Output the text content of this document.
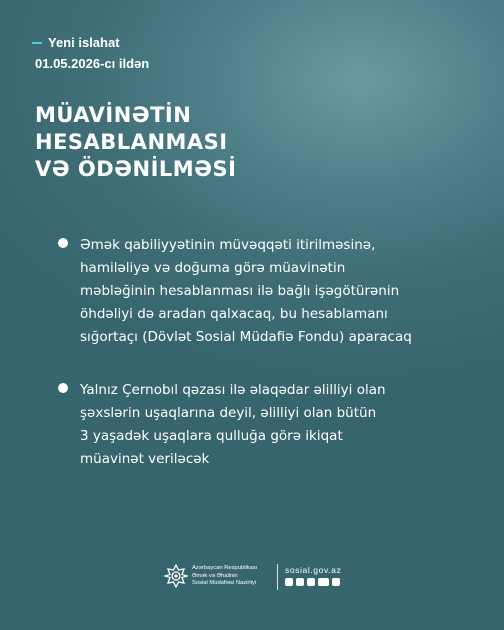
Yeni islahat
01.05.2026-cı ildən
MÜAVİNƏTİN
HESABLANMASI
VƏ ÖDƏNİLMƏSİ
Əmək qabiliyyətinin müvəqqəti itirilməsinə,
hamiləliyə və doğuma görə müavinətin
məbləğinin hesablanması ilə bağlı işəgötürənin
öhdəliyi də aradan qalxacaq, bu hesablamanı
sığortaçı (Dövlət Sosial Müdafiə Fondu) aparacaq
Yalnız Çernobıl qəzası ilə əlaqədar əlilliyi olan
şəxslərin uşaqlarına deyil, əlilliyi olan bütün
3 yaşadək uşaqlara qulluğa görə ikiqat
müavinət veriləcək
Azərbaycan Respublikası
Əmək və Əhalinin
Sosial Müdafiəsi Nazirliyi
sosial.gov.az
